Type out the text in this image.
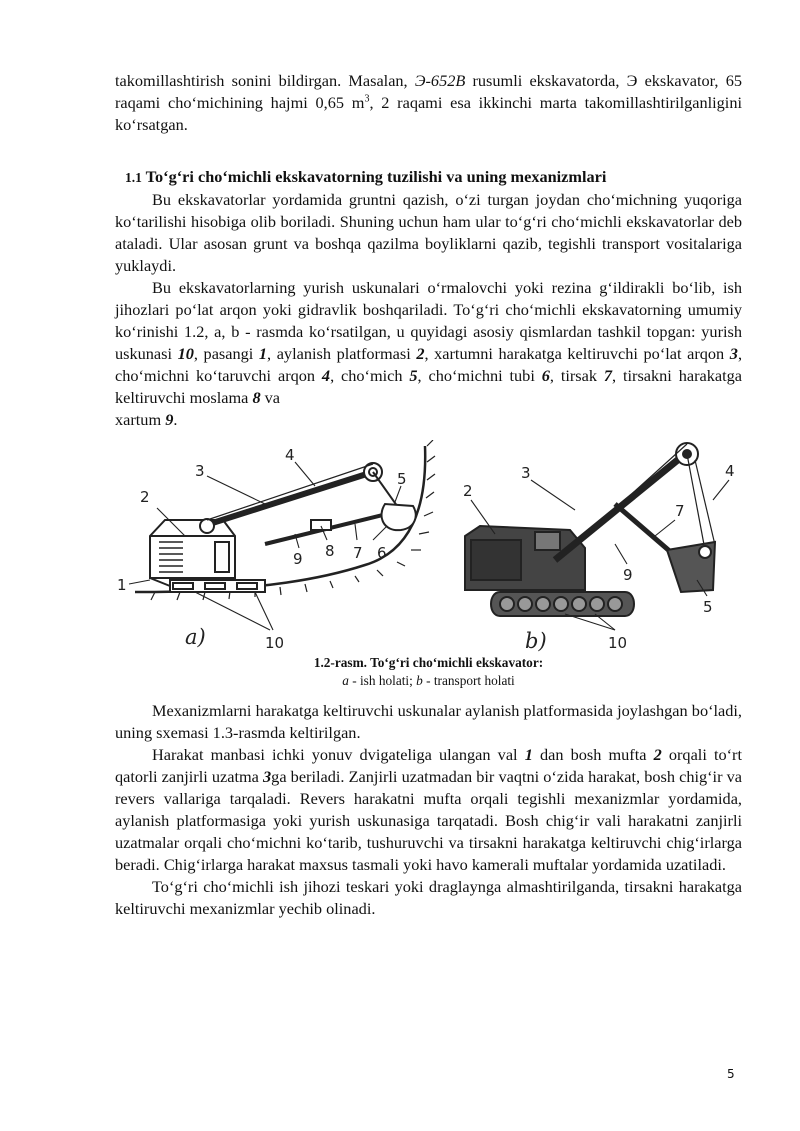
takomillashtirish sonini bildirgan. Masalan, Э-652В rusumli ekskavatorda, Э ekskavator, 65 raqami cho‘michining hajmi 0,65 $m^3$, 2 raqami esa ikkinchi marta takomillashtirilganligini ko‘rsatgan.

1.1 To‘g‘ri cho‘michli ekskavatorning tuzilishi va uning mexanizmlari

Bu ekskavatorlar yordamida gruntni qazish, o‘zi turgan joydan cho‘michning yuqoriga ko‘tarilishi hisobiga olib boriladi. Shuning uchun ham ular to‘g‘ri cho‘michli ekskavatorlar deb ataladi. Ular asosan grunt va boshqa qazilma boyliklarni qazib, tegishli transport vositalariga yuklaydi.

Bu ekskavatorlarning yurish uskunalari o‘rmalovchi yoki rezina g‘ildirakli bo‘lib, ish jihozlari po‘lat arqon yoki gidravlik boshqariladi. To‘g‘ri cho‘michli ekskavatorning umumiy ko‘rinishi 1.2, a, b - rasmda ko‘rsatilgan, u quyidagi asosiy qismlardan tashkil topgan: yurish uskunasi 10, pasangi 1, aylanish platformasi 2, xartumni harakatga keltiruvchi po‘lat arqon 3, cho‘michni ko‘taruvchi arqon 4, cho‘mich 5, cho‘michni tubi 6, tirsak 7, tirsakni harakatga keltiruvchi moslama 8 va

xartum 9.

1
2
3
4
5
6
7
8
9
10
a)
2
3	4
5
7
9
10
b)
1.2-rasm. To‘g‘ri cho‘michli ekskavator:
a - ish holati; b - transport holati

Mexanizmlarni harakatga keltiruvchi uskunalar aylanish platformasida joylashgan bo‘ladi, uning sxemasi 1.3-rasmda keltirilgan.

Harakat manbasi ichki yonuv dvigateliga ulangan val 1 dan bosh mufta 2 orqali to‘rt qatorli zanjirli uzatma 3ga beriladi. Zanjirli uzatmadan bir vaqtni o‘zida harakat, bosh chig‘ir va revers vallariga tarqaladi. Revers harakatni mufta orqali tegishli mexanizmlar yordamida, aylanish platformasiga yoki yurish uskunasiga tarqatadi. Bosh chig‘ir vali harakatni zanjirli uzatmalar orqali cho‘michni ko‘tarib, tushuruvchi va tirsakni harakatga keltiruvchi chig‘irlarga beradi. Chig‘irlarga harakat maxsus tasmali yoki havo kamerali muftalar yordamida uzatiladi.

To‘g‘ri cho‘michli ish jihozi teskari yoki draglaynga almashtirilganda, tirsakni harakatga keltiruvchi mexanizmlar yechib olinadi.

5
